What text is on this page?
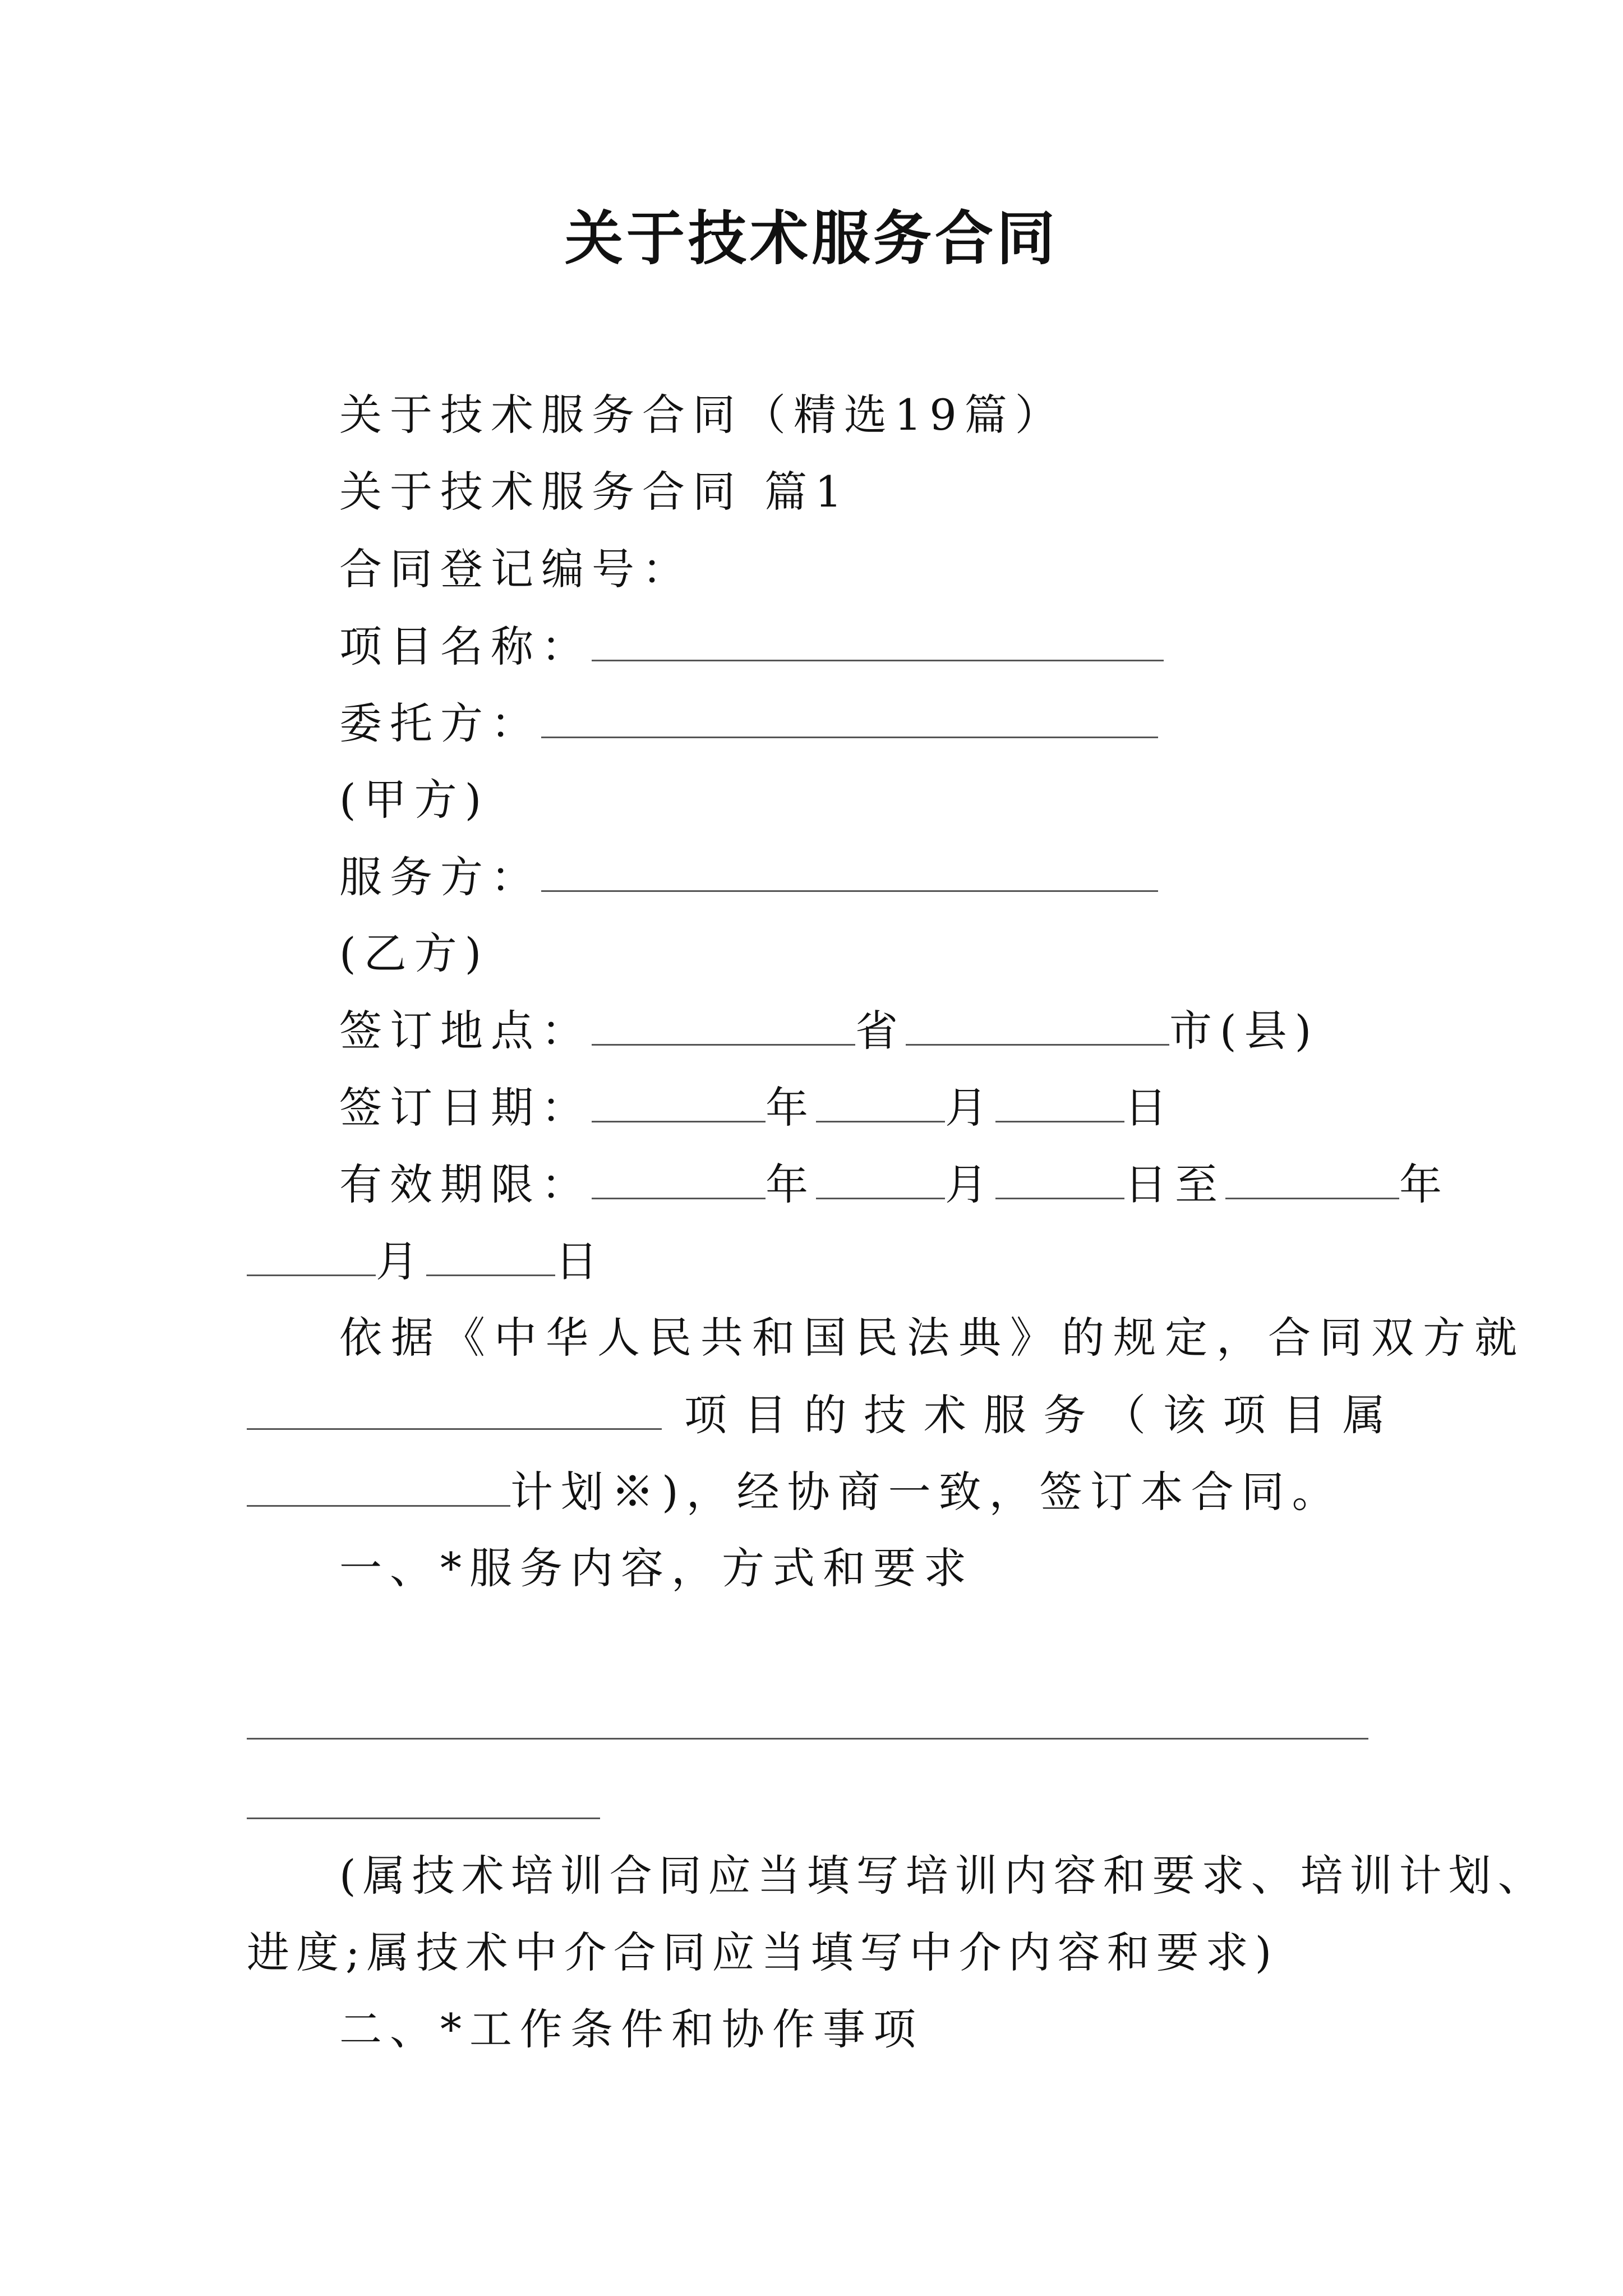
关于技术服务合同
关于技术服务合同（精选19篇）
关于技术服务合同 篇1
合同登记编号：
项目名称：
委托方：
(甲方)
服务方：
(乙方)
签订地点：	省	市(县)
签订日期：	年	月	日
有效期限：	年	月	日至	年
月	日
依据《中华人民共和国民法典》的规定，合同双方就
项 目 的 技 术 服 务 （ 该 项 目 属
计划※)，经协商一致，签订本合同。
一、*服务内容，方式和要求
(属技术培训合同应当填写培训内容和要求、培训计划、
进度;属技术中介合同应当填写中介内容和要求)
二、*工作条件和协作事项
